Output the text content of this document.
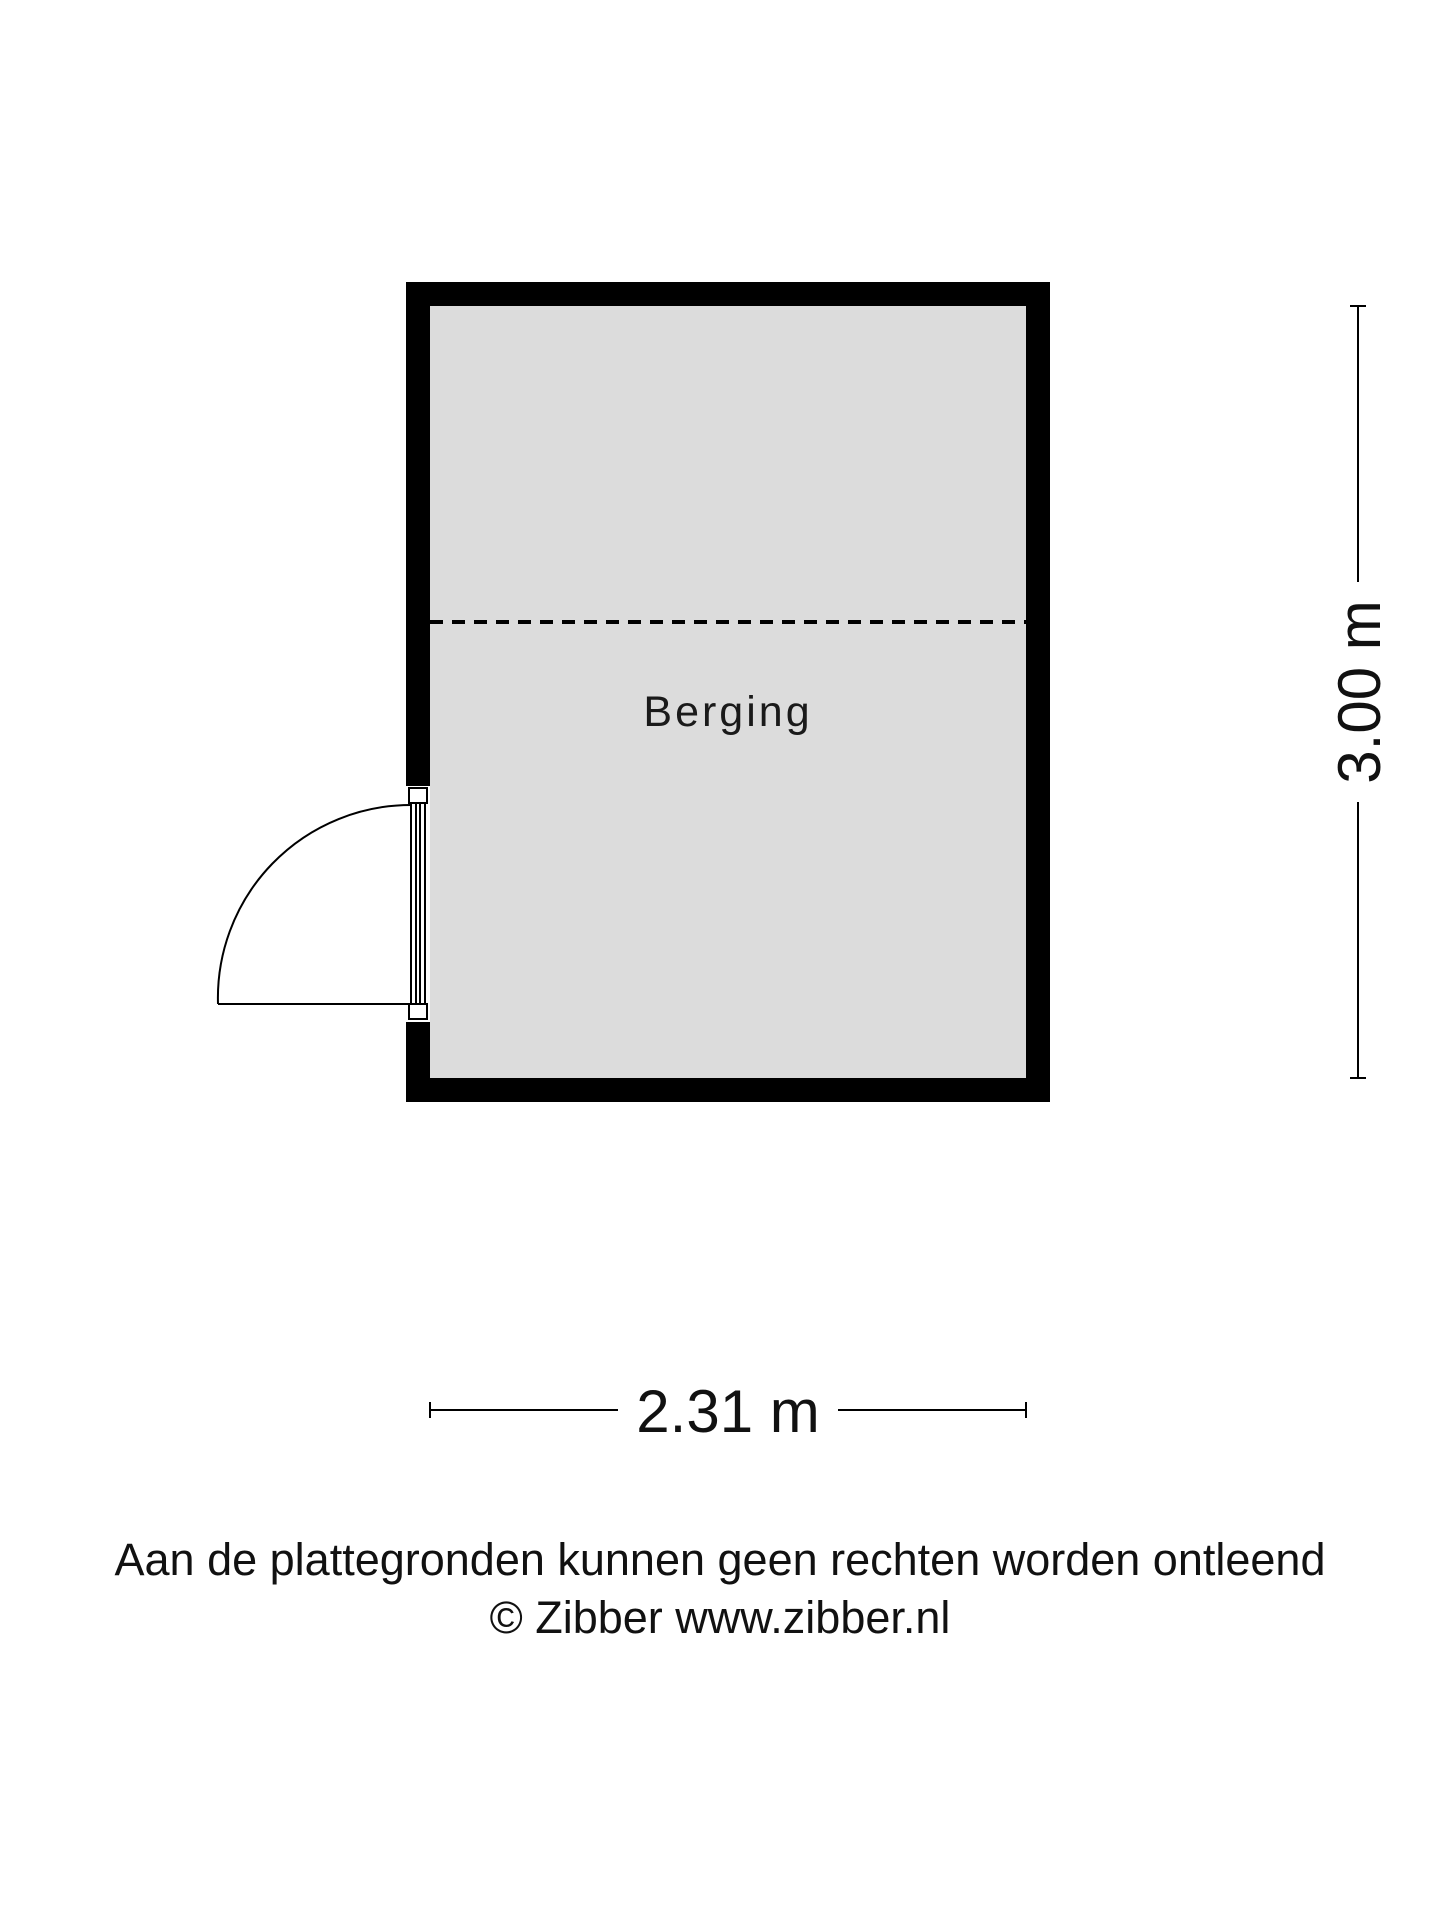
Berging
2.31 m
3.00 m
Aan de plattegronden kunnen geen rechten worden ontleend
© Zibber www.zibber.nl
